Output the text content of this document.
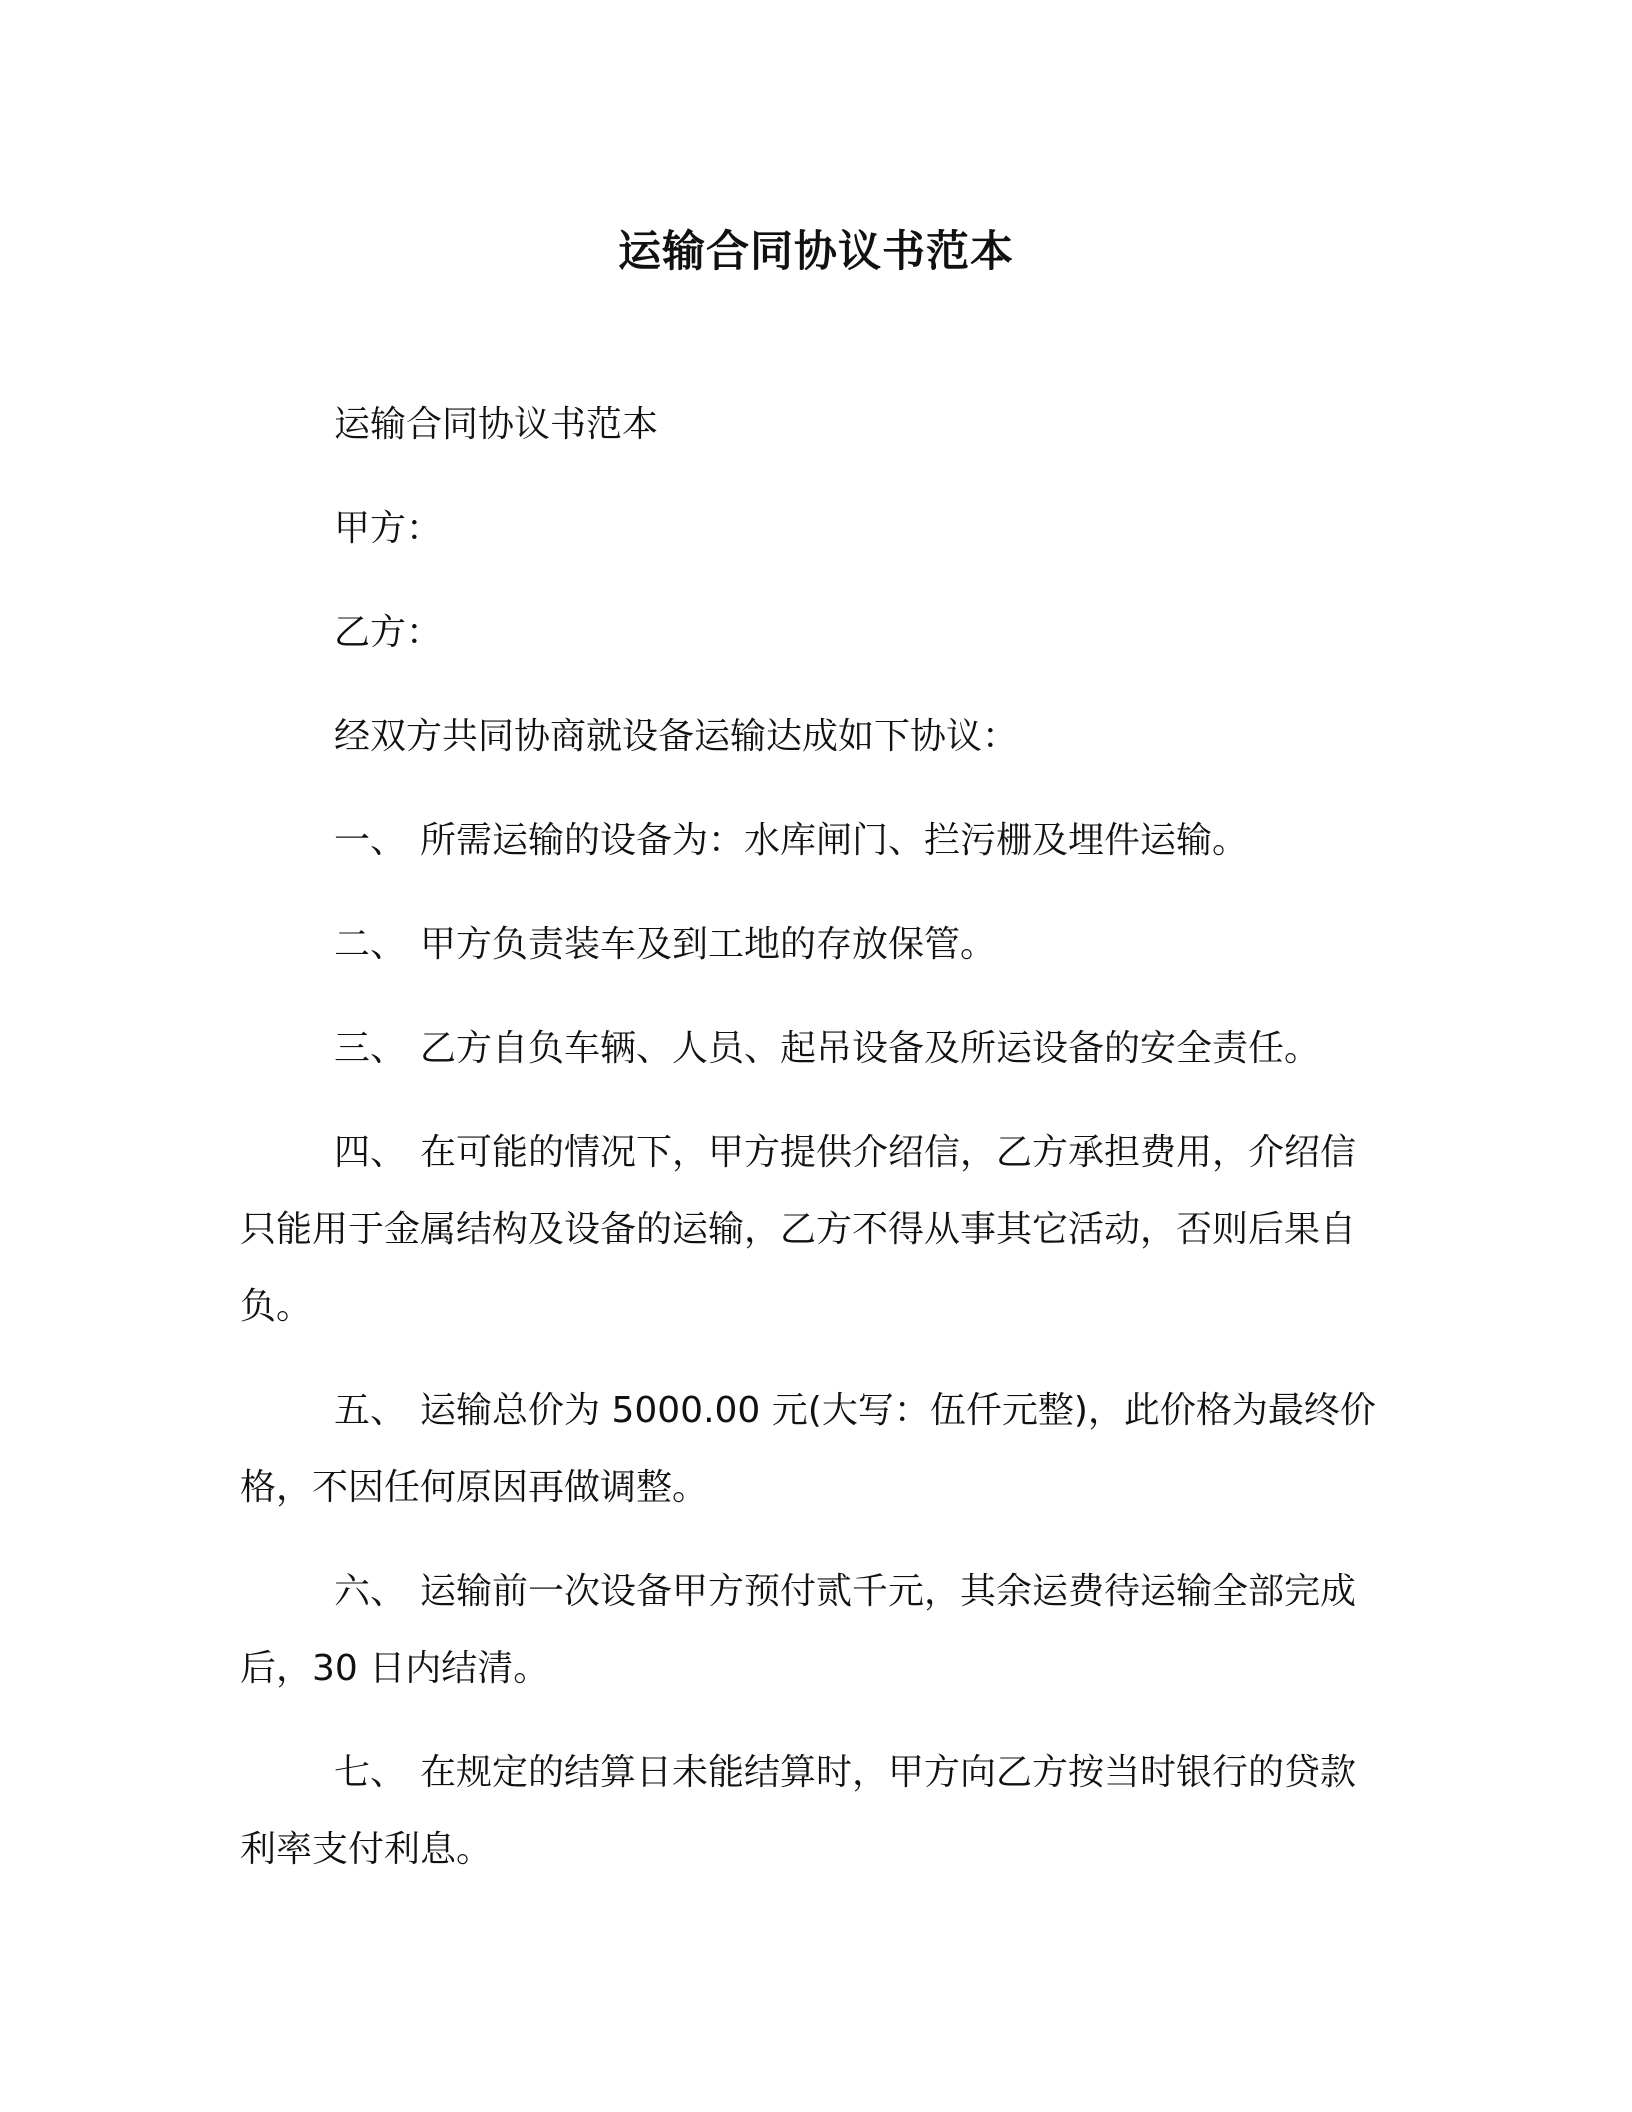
运输合同协议书范本

运输合同协议书范本

甲方：

乙方：

经双方共同协商就设备运输达成如下协议：

一、 所需运输的设备为：水库闸门、拦污栅及埋件运输。

二、 甲方负责装车及到工地的存放保管。

三、 乙方自负车辆、人员、起吊设备及所运设备的安全责任。

四、 在可能的情况下，甲方提供介绍信，乙方承担费用，介绍信只能用于金属结构及设备的运输，乙方不得从事其它活动，否则后果自负。

五、 运输总价为 5000.00 元(大写：伍仟元整)，此价格为最终价格，不因任何原因再做调整。

六、 运输前一次设备甲方预付贰千元，其余运费待运输全部完成后，30 日内结清。

七、 在规定的结算日未能结算时，甲方向乙方按当时银行的贷款利率支付利息。
